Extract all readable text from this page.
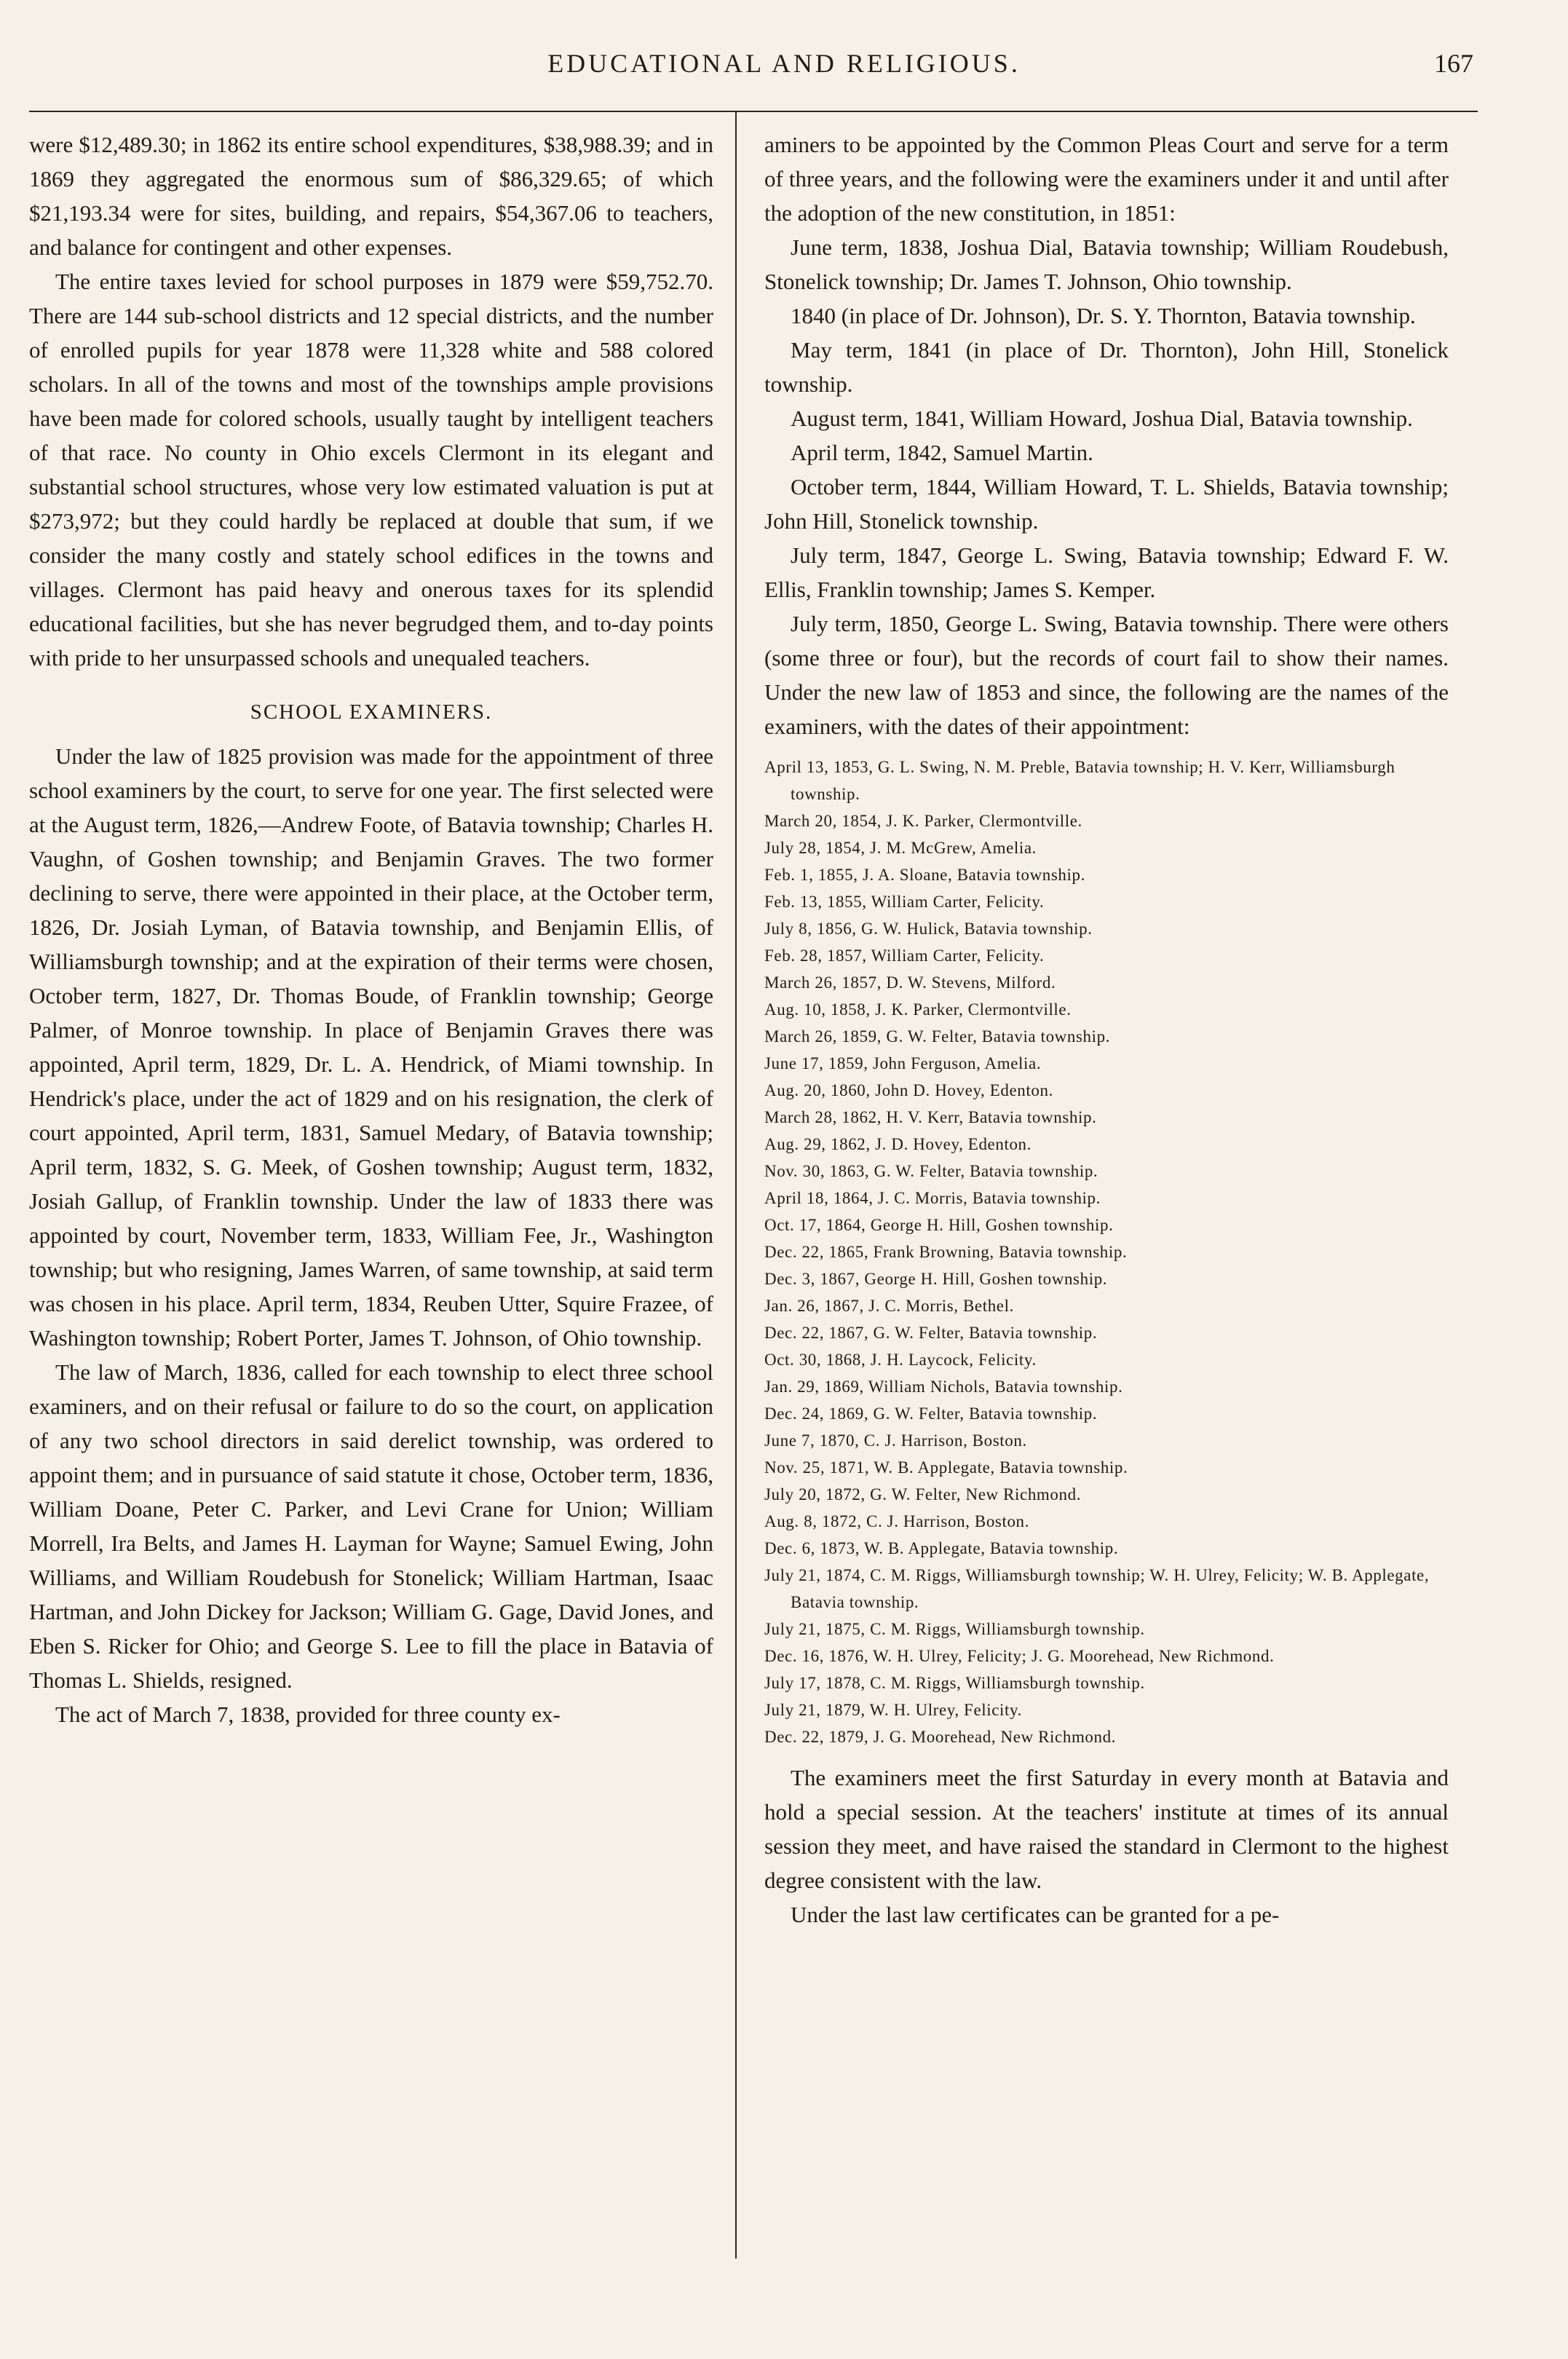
EDUCATIONAL AND RELIGIOUS.	167

were $12,489.30; in 1862 its entire school expenditures, $38,988.39; and in 1869 they aggregated the enormous sum of $86,329.65; of which $21,193.34 were for sites, building, and repairs, $54,367.06 to teachers, and balance for contingent and other expenses.

The entire taxes levied for school purposes in 1879 were $59,752.70. There are 144 sub-school districts and 12 special districts, and the number of enrolled pupils for year 1878 were 11,328 white and 588 colored scholars. In all of the towns and most of the townships ample provisions have been made for colored schools, usually taught by intelligent teachers of that race. No county in Ohio excels Clermont in its elegant and substantial school structures, whose very low estimated valuation is put at $273,972; but they could hardly be replaced at double that sum, if we consider the many costly and stately school edifices in the towns and villages. Clermont has paid heavy and onerous taxes for its splendid educational facilities, but she has never begrudged them, and to-day points with pride to her unsurpassed schools and unequaled teachers.

SCHOOL EXAMINERS.

Under the law of 1825 provision was made for the appointment of three school examiners by the court, to serve for one year. The first selected were at the August term, 1826,—Andrew Foote, of Batavia township; Charles H. Vaughn, of Goshen township; and Benjamin Graves. The two former declining to serve, there were appointed in their place, at the October term, 1826, Dr. Josiah Lyman, of Batavia township, and Benjamin Ellis, of Williamsburgh township; and at the expiration of their terms were chosen, October term, 1827, Dr. Thomas Boude, of Franklin township; George Palmer, of Monroe township. In place of Benjamin Graves there was appointed, April term, 1829, Dr. L. A. Hendrick, of Miami township. In Hendrick's place, under the act of 1829 and on his resignation, the clerk of court appointed, April term, 1831, Samuel Medary, of Batavia township; April term, 1832, S. G. Meek, of Goshen township; August term, 1832, Josiah Gallup, of Franklin township. Under the law of 1833 there was appointed by court, November term, 1833, William Fee, Jr., Washington township; but who resigning, James Warren, of same township, at said term was chosen in his place. April term, 1834, Reuben Utter, Squire Frazee, of Washington township; Robert Porter, James T. Johnson, of Ohio township.

The law of March, 1836, called for each township to elect three school examiners, and on their refusal or failure to do so the court, on application of any two school directors in said derelict township, was ordered to appoint them; and in pursuance of said statute it chose, October term, 1836, William Doane, Peter C. Parker, and Levi Crane for Union; William Morrell, Ira Belts, and James H. Layman for Wayne; Samuel Ewing, John Williams, and William Roudebush for Stonelick; William Hartman, Isaac Hartman, and John Dickey for Jackson; William G. Gage, David Jones, and Eben S. Ricker for Ohio; and George S. Lee to fill the place in Batavia of Thomas L. Shields, resigned.

The act of March 7, 1838, provided for three county ex-

aminers to be appointed by the Common Pleas Court and serve for a term of three years, and the following were the examiners under it and until after the adoption of the new constitution, in 1851:

June term, 1838, Joshua Dial, Batavia township; William Roudebush, Stonelick township; Dr. James T. Johnson, Ohio township.

1840 (in place of Dr. Johnson), Dr. S. Y. Thornton, Batavia township.

May term, 1841 (in place of Dr. Thornton), John Hill, Stonelick township.

August term, 1841, William Howard, Joshua Dial, Batavia township.

April term, 1842, Samuel Martin.

October term, 1844, William Howard, T. L. Shields, Batavia township; John Hill, Stonelick township.

July term, 1847, George L. Swing, Batavia township; Edward F. W. Ellis, Franklin township; James S. Kemper.

July term, 1850, George L. Swing, Batavia township. There were others (some three or four), but the records of court fail to show their names. Under the new law of 1853 and since, the following are the names of the examiners, with the dates of their appointment:

April 13, 1853, G. L. Swing, N. M. Preble, Batavia township; H. V. Kerr, Williamsburgh township.
March 20, 1854, J. K. Parker, Clermontville.
July 28, 1854, J. M. McGrew, Amelia.
Feb. 1, 1855, J. A. Sloane, Batavia township.
Feb. 13, 1855, William Carter, Felicity.
July 8, 1856, G. W. Hulick, Batavia township.
Feb. 28, 1857, William Carter, Felicity.
March 26, 1857, D. W. Stevens, Milford.
Aug. 10, 1858, J. K. Parker, Clermontville.
March 26, 1859, G. W. Felter, Batavia township.
June 17, 1859, John Ferguson, Amelia.
Aug. 20, 1860, John D. Hovey, Edenton.
March 28, 1862, H. V. Kerr, Batavia township.
Aug. 29, 1862, J. D. Hovey, Edenton.
Nov. 30, 1863, G. W. Felter, Batavia township.
April 18, 1864, J. C. Morris, Batavia township.
Oct. 17, 1864, George H. Hill, Goshen township.
Dec. 22, 1865, Frank Browning, Batavia township.
Dec. 3, 1867, George H. Hill, Goshen township.
Jan. 26, 1867, J. C. Morris, Bethel.
Dec. 22, 1867, G. W. Felter, Batavia township.
Oct. 30, 1868, J. H. Laycock, Felicity.
Jan. 29, 1869, William Nichols, Batavia township.
Dec. 24, 1869, G. W. Felter, Batavia township.
June 7, 1870, C. J. Harrison, Boston.
Nov. 25, 1871, W. B. Applegate, Batavia township.
July 20, 1872, G. W. Felter, New Richmond.
Aug. 8, 1872, C. J. Harrison, Boston.
Dec. 6, 1873, W. B. Applegate, Batavia township.
July 21, 1874, C. M. Riggs, Williamsburgh township; W. H. Ulrey, Felicity; W. B. Applegate, Batavia township.
July 21, 1875, C. M. Riggs, Williamsburgh township.
Dec. 16, 1876, W. H. Ulrey, Felicity; J. G. Moorehead, New Richmond.
July 17, 1878, C. M. Riggs, Williamsburgh township.
July 21, 1879, W. H. Ulrey, Felicity.
Dec. 22, 1879, J. G. Moorehead, New Richmond.

The examiners meet the first Saturday in every month at Batavia and hold a special session. At the teachers' institute at times of its annual session they meet, and have raised the standard in Clermont to the highest degree consistent with the law.

Under the last law certificates can be granted for a pe-
